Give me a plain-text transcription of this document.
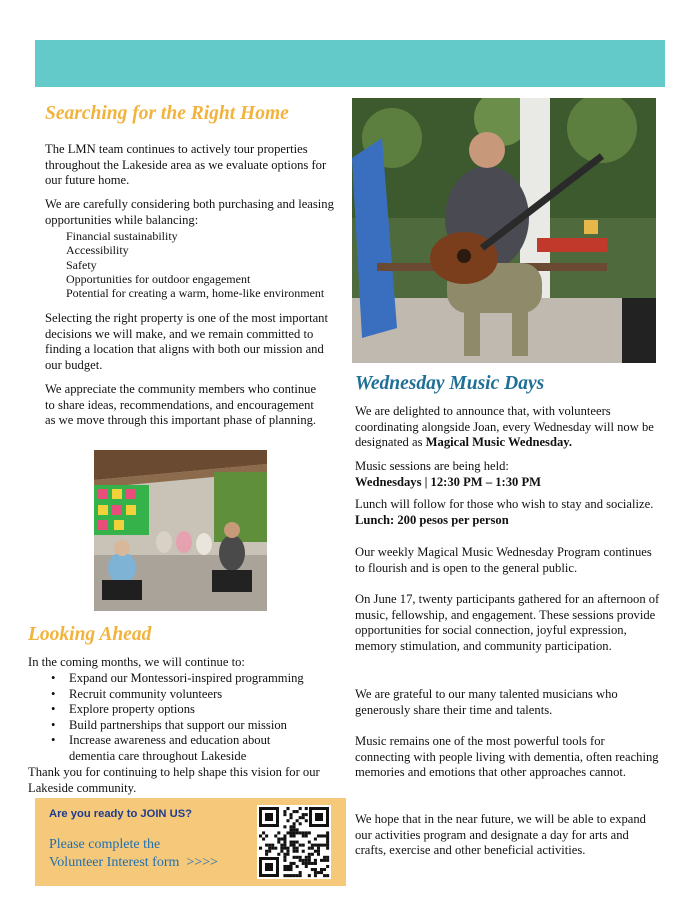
Searching for the Right Home

The LMN team continues to actively tour properties throughout the Lakeside area as we evaluate options for our future home.

We are carefully considering both purchasing and leasing opportunities while balancing:

Financial sustainability
Accessibility
Safety
Opportunities for outdoor engagement
Potential for creating a warm, home-like environment

Selecting the right property is one of the most important decisions we will make, and we remain committed to finding a location that aligns with both our mission and our budget.

We appreciate the community members who continue to share ideas, recommendations, and encouragement as we move through this important phase of planning.

Looking Ahead

In the coming months, we will continue to:

• Expand our Montessori-inspired programming
• Recruit community volunteers
• Explore property options
• Build partnerships that support our mission
• Increase awareness and education about dementia care throughout Lakeside

Thank you for continuing to help shape this vision for our Lakeside community.

Are you ready to JOIN US?
Please complete the
Volunteer Interest form  >>>>
Wednesday Music Days

We are delighted to announce that, with volunteers coordinating alongside Joan, every Wednesday will now be designated as Magical Music Wednesday.

Music sessions are being held:
Wednesdays | 12:30 PM – 1:30 PM

Lunch will follow for those who wish to stay and socialize. Lunch: 200 pesos per person

Our weekly Magical Music Wednesday Program continues to flourish and is open to the general public.

On June 17, twenty participants gathered for an afternoon of music, fellowship, and engagement. These sessions provide opportunities for social connection, joyful expression, memory stimulation, and community participation.

We are grateful to our many talented musicians who generously share their time and talents.

Music remains one of the most powerful tools for connecting with people living with dementia, often reaching memories and emotions that other approaches cannot.

We hope that in the near future, we will be able to expand our activities program and designate a day for arts and crafts, exercise and other beneficial activities.
